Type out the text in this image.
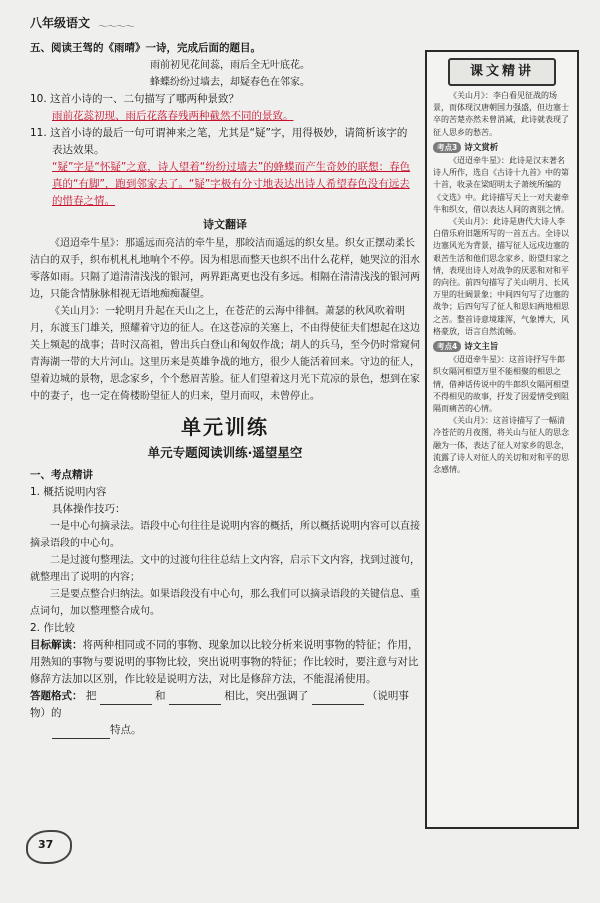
八年级语文 ～～～～

五、阅读王驾的《雨晴》一诗，完成后面的题目。

雨前初见花间蕊，雨后全无叶底花。

蜂蝶纷纷过墙去，却疑春色在邻家。

10. 这首小诗的一、二句描写了哪两种景致？

雨前花蕊初现、雨后花落春残两种截然不同的景致。

11. 这首小诗的最后一句可谓神来之笔，尤其是“疑”字，用得极妙，请简析该字的

表达效果。

“疑”字是“怀疑”之意，诗人望着“纷纷过墙去”的蜂蝶而产生奇妙的联想：春色真的“有脚”，跑到邻家去了。“疑”字极有分寸地表达出诗人希望春色没有远去的惜春之情。

诗文翻译

《迢迢牵牛星》：那遥远而亮洁的牵牛星，那皎洁而遥远的织女星。织女正摆动柔长洁白的双手，织布机札札地响个不停。因为相思而整天也织不出什么花样，她哭泣的泪水零落如雨。只隔了道清清浅浅的银河，两界距离更也没有多远。相隔在清清浅浅的银河两边，只能含情脉脉相视无语地痴痴凝望。

《关山月》：一轮明月升起在天山之上，在苍茫的云海中徘徊。萧瑟的秋风吹着明月，东渡玉门雄关，照耀着守边的征人。在这苍凉的关塞上，不由得使征夫们想起在这边关上频起的战事；昔时汉高祖，曾出兵白登山和匈奴作战；胡人的兵马，至今仍时常窥伺青海湖一带的大片河山。这里历来是英雄争战的地方，很少人能活着回来。守边的征人，望着边城的景物，思念家乡，个个愁眉苦脸。征人们望着这月光下荒凉的景色，想到在家中的妻子，也一定在倚楼盼望征人的归来，望月而叹，未曾停止。

单元训练

单元专题阅读训练·遥望星空

一、考点精讲

1. 概括说明内容

具体操作技巧：

一是中心句摘录法。语段中心句往往是说明内容的概括，所以概括说明内容可以直接摘录语段的中心句。

二是过渡句整理法。文中的过渡句往往总结上文内容，启示下文内容，找到过渡句，就整理出了说明的内容；

三是要点整合归纳法。如果语段没有中心句，那么我们可以摘录语段的关键信息、重点词句，加以整理整合成句。

2. 作比较

目标解读：将两种相同或不同的事物、现象加以比较分析来说明事物的特征；作用，用熟知的事物与要说明的事物比较，突出说明事物的特征；作比较时，要注意与对比修辞方法加以区别，作比较是说明方法，对比是修辞方法，不能混淆使用。

答题格式： 把	和	相比，突出强调了	（说明事物）的

特点。

课文精讲

《关山月》：李白看见征战的场景，而体现汉唐朝国力强盛，但边塞士卒的苦楚亦然未曾消减，此诗就表现了征人思乡的愁苦。

考点3 诗文赏析

《迢迢牵牛星》：此诗是汉末著名诗人所作，选自《古诗十九首》中的第十首，收录在梁昭明太子萧统所编的《文选》中。此诗描写天上一对夫妻牵牛和织女，借以表达人间的离别之情。

《关山月》：此诗是唐代大诗人李白借乐府旧题所写的一首五古。全诗以边塞风光为背景，描写征人远戍边塞的艰苦生活和他们思念家乡、盼望归家之情，表现出诗人对战争的厌恶和对和平的向往。前四句描写了关山明月、长风万里的壮阔景象；中间四句写了边塞的战争；后四句写了征人和思妇两地相思之苦。整首诗意境雄浑，气象博大，风格豪放，语言自然流畅。

考点4 诗文主旨

《迢迢牵牛星》：这首诗抒写牛郎织女隔河相望万里不能相聚的相思之情，借神话传说中的牛郎织女隔河相望不得相见的故事，抒发了因爱情受到阻隔而痛苦的心情。

《关山月》：这首诗描写了一幅清冷苍茫的月夜图，将关山与征人的思念融为一体，表达了征人对家乡的思念，流露了诗人对征人的关切和对和平的思念感情。

37
